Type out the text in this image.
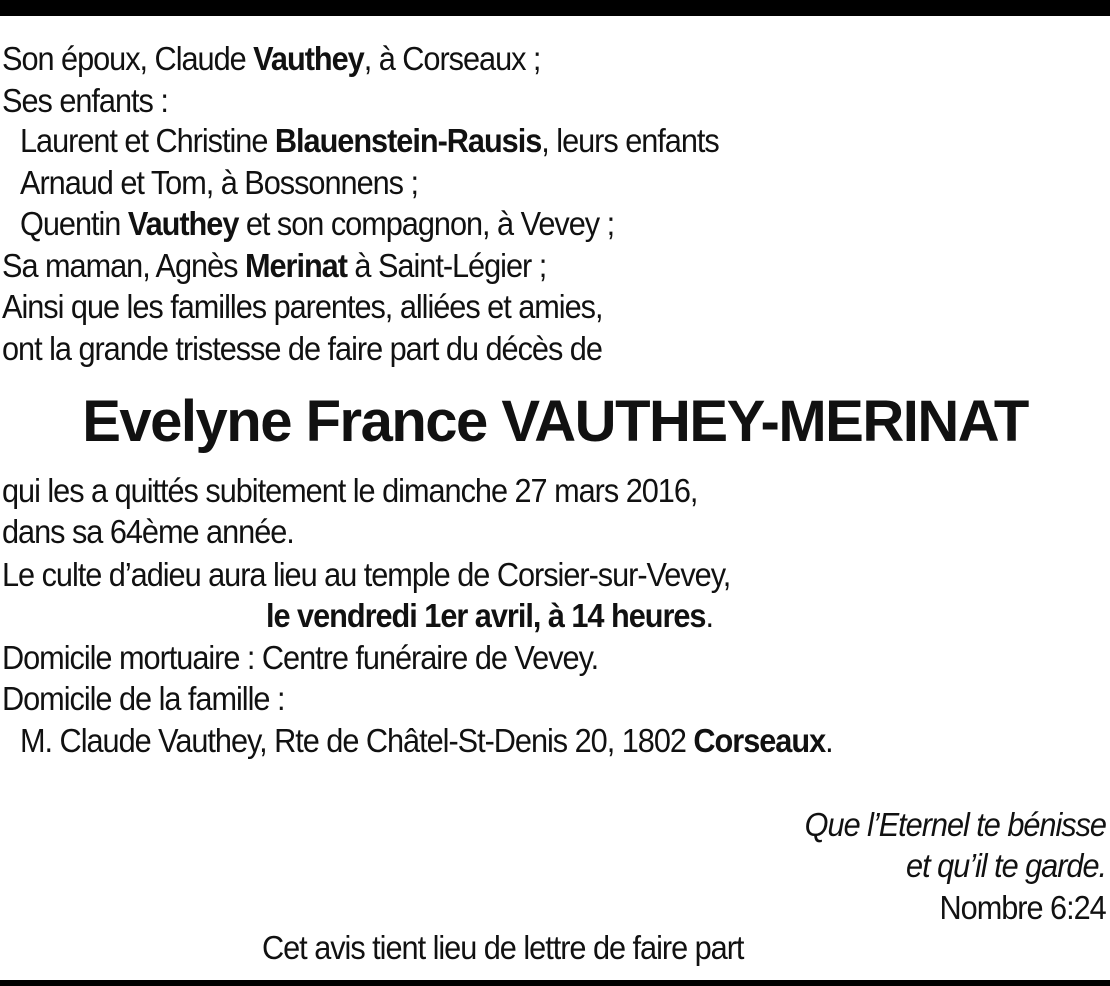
Son époux, Claude Vauthey, à Corseaux ;
Ses enfants :
Laurent et Christine Blauenstein-Rausis, leurs enfants
Arnaud et Tom, à Bossonnens ;
Quentin Vauthey et son compagnon, à Vevey ;
Sa maman, Agnès Merinat à Saint-Légier ;
Ainsi que les familles parentes, alliées et amies,
ont la grande tristesse de faire part du décès de
Evelyne France VAUTHEY-MERINAT
qui les a quittés subitement le dimanche 27 mars 2016,
dans sa 64ème année.
Le culte d’adieu aura lieu au temple de Corsier-sur-Vevey,
le vendredi 1er avril, à 14 heures.
Domicile mortuaire : Centre funéraire de Vevey.
Domicile de la famille :
M. Claude Vauthey, Rte de Châtel-St-Denis 20, 1802 Corseaux.
Que l’Eternel te bénisse
et qu’il te garde.
Nombre 6:24
Cet avis tient lieu de lettre de faire part
